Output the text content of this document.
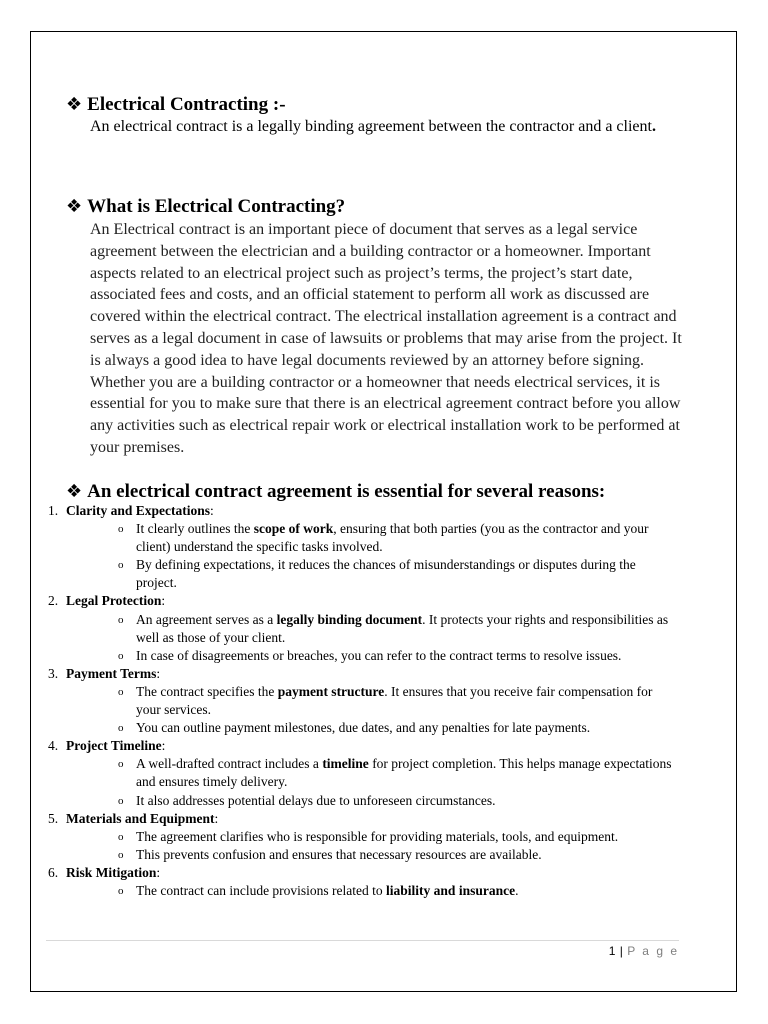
❖ Electrical Contracting :-

An electrical contract is a legally binding agreement between the contractor and a client.

❖ What is Electrical Contracting?

An Electrical contract is an important piece of document that serves as a legal service agreement between the electrician and a building contractor or a homeowner. Important aspects related to an electrical project such as project’s terms, the project’s start date, associated fees and costs, and an official statement to perform all work as discussed are covered within the electrical contract. The electrical installation agreement is a contract and serves as a legal document in case of lawsuits or problems that may arise from the project. It is always a good idea to have legal documents reviewed by an attorney before signing. Whether you are a building contractor or a homeowner that needs electrical services, it is essential for you to make sure that there is an electrical agreement contract before you allow any activities such as electrical repair work or electrical installation work to be performed at your premises.

❖ An electrical contract agreement is essential for several reasons:
1. Clarity and Expectations:
o It clearly outlines the scope of work, ensuring that both parties (you as the contractor and your client) understand the specific tasks involved.
o By defining expectations, it reduces the chances of misunderstandings or disputes during the project.
2. Legal Protection:
o An agreement serves as a legally binding document. It protects your rights and responsibilities as well as those of your client.
o In case of disagreements or breaches, you can refer to the contract terms to resolve issues.
3. Payment Terms:
o The contract specifies the payment structure. It ensures that you receive fair compensation for your services.
o You can outline payment milestones, due dates, and any penalties for late payments.
4. Project Timeline:
o A well-drafted contract includes a timeline for project completion. This helps manage expectations and ensures timely delivery.
o It also addresses potential delays due to unforeseen circumstances.
5. Materials and Equipment:
o The agreement clarifies who is responsible for providing materials, tools, and equipment.
o This prevents confusion and ensures that necessary resources are available.
6. Risk Mitigation:
o The contract can include provisions related to liability and insurance.
1 | P a g e
